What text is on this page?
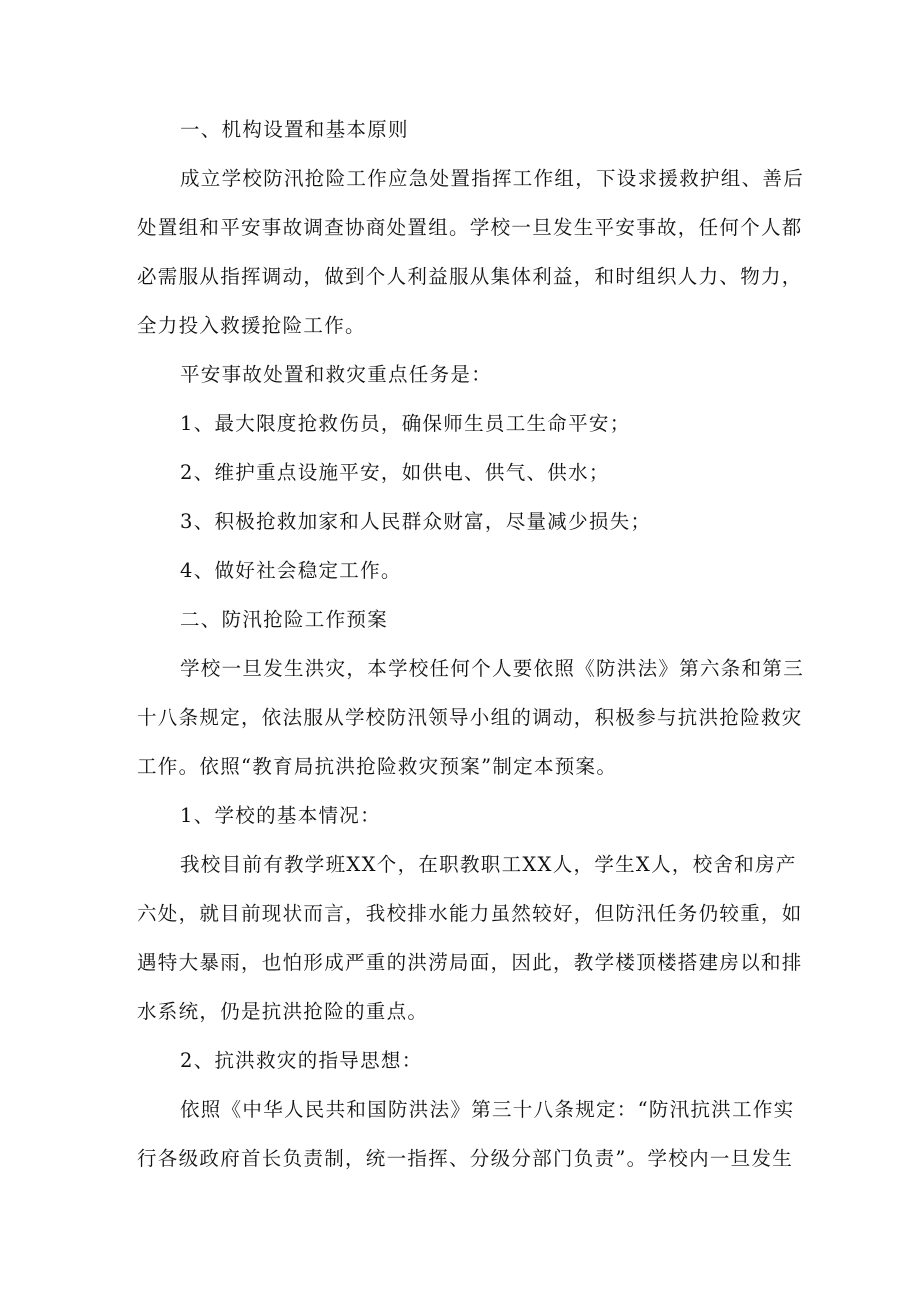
一、机构设置和基本原则
成立学校防汛抢险工作应急处置指挥工作组，下设求援救护组、善后
处置组和平安事故调查协商处置组。学校一旦发生平安事故，任何个人都
必需服从指挥调动，做到个人利益服从集体利益，和时组织人力、物力，
全力投入救援抢险工作。
平安事故处置和救灾重点任务是：
1、最大限度抢救伤员，确保师生员工生命平安；
2、维护重点设施平安，如供电、供气、供水；
3、积极抢救加家和人民群众财富，尽量减少损失；
4、做好社会稳定工作。
二、防汛抢险工作预案
学校一旦发生洪灾，本学校任何个人要依照《防洪法》第六条和第三
十八条规定，依法服从学校防汛领导小组的调动，积极参与抗洪抢险救灾
工作。依照“教育局抗洪抢险救灾预案”制定本预案。
1、学校的基本情况：
我校目前有教学班XX个，在职教职工XX人，学生X人，校舍和房产
六处，就目前现状而言，我校排水能力虽然较好，但防汛任务仍较重，如
遇特大暴雨，也怕形成严重的洪涝局面，因此，教学楼顶楼搭建房以和排
水系统，仍是抗洪抢险的重点。
2、抗洪救灾的指导思想：
依照《中华人民共和国防洪法》第三十八条规定：“防汛抗洪工作实
行各级政府首长负责制，统一指挥、分级分部门负责”。学校内一旦发生
